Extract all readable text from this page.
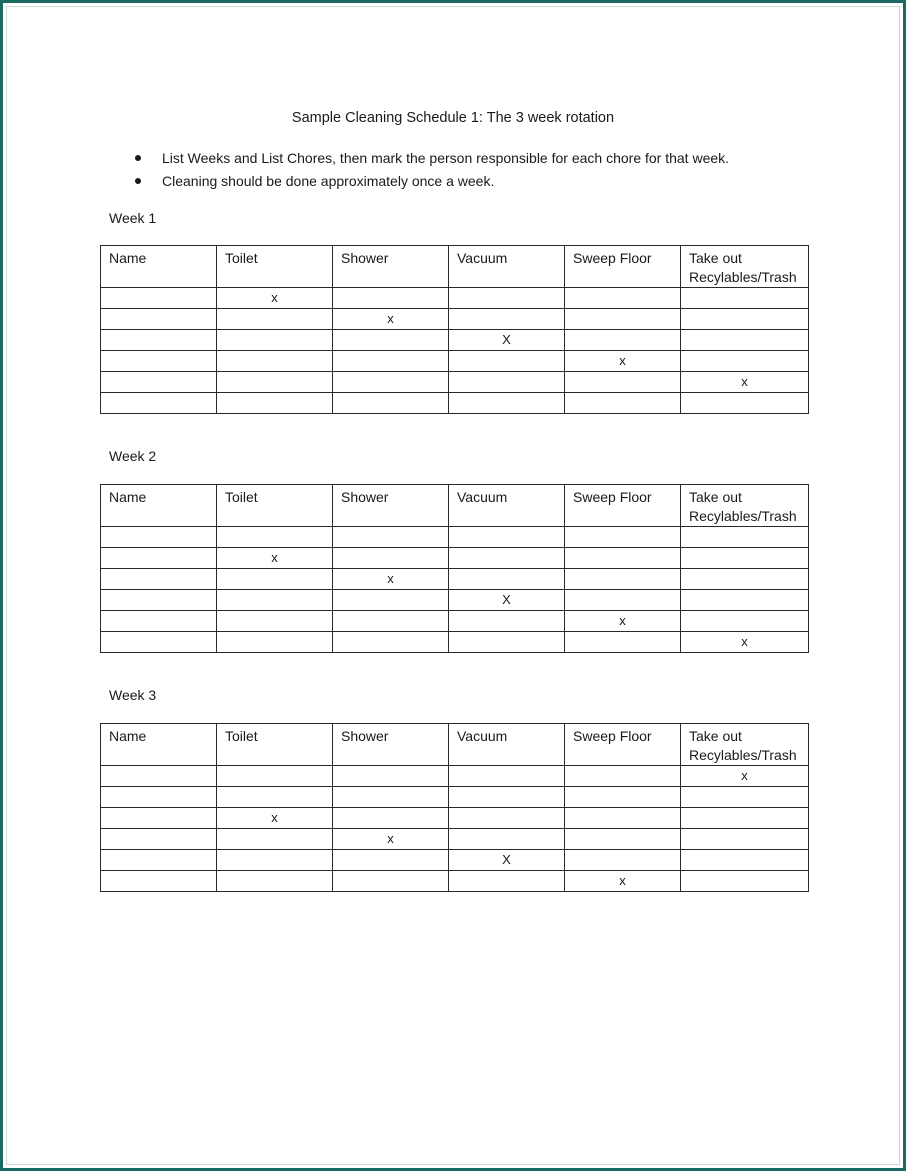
Sample Cleaning Schedule 1: The 3 week rotation
List Weeks and List Chores, then mark the person responsible for each chore for that week.
Cleaning should be done approximately once a week.
Week 1
Name	Toilet	Shower	Vacuum	Sweep Floor	Take out Recylables/Trash
	x				
		x			
			X		
				x	
					x

Week 2
Name	Toilet	Shower	Vacuum	Sweep Floor	Take out Recylables/Trash

	x				
		x			
			X		
				x	
					x
Week 3
Name	Toilet	Shower	Vacuum	Sweep Floor	Take out Recylables/Trash
					x

	x				
		x			
			X		
				x	
